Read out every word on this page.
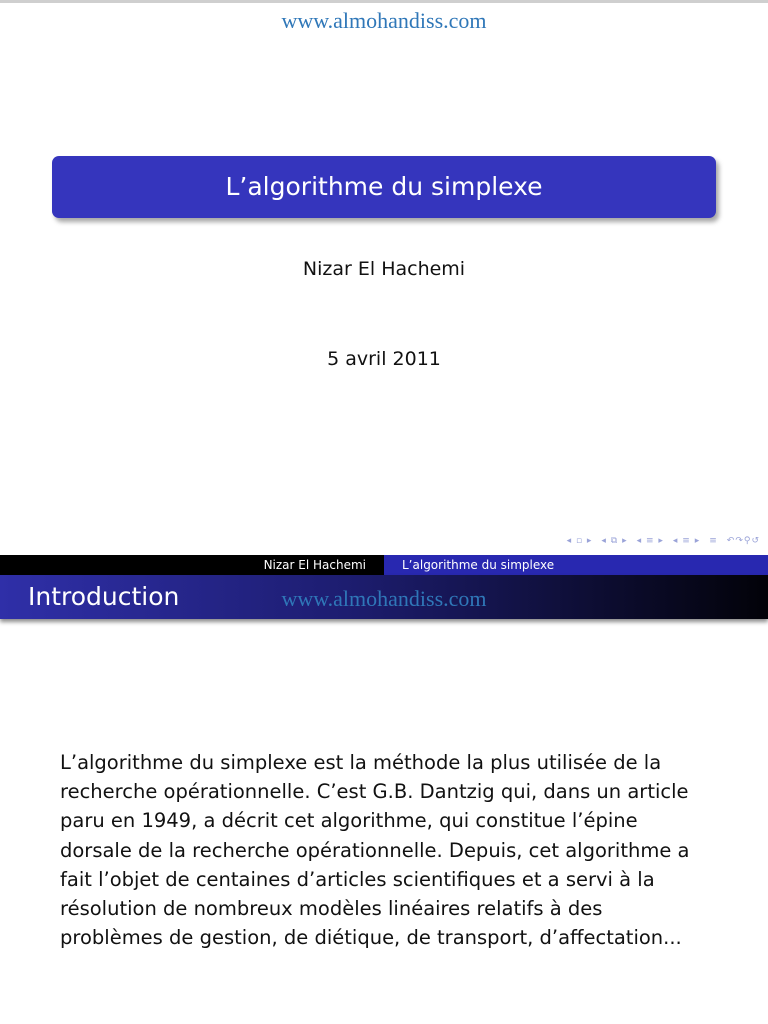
www.almohandiss.com
L’algorithme du simplexe
Nizar El Hachemi
5 avril 2011
◂ ▫ ▸ ◂ ⧉ ▸ ◂ ≡ ▸ ◂ ≡ ▸ ≡ ↶↷⚲↺
Nizar El Hachemi	L’algorithme du simplexe
Introduction	www.almohandiss.com

L’algorithme du simplexe est la méthode la plus utilisée de la recherche opérationnelle. C’est G.B. Dantzig qui, dans un article paru en 1949, a décrit cet algorithme, qui constitue l’épine dorsale de la recherche opérationnelle. Depuis, cet algorithme a fait l’objet de centaines d’articles scientifiques et a servi à la résolution de nombreux modèles linéaires relatifs à des problèmes de gestion, de diétique, de transport, d’affectation...
